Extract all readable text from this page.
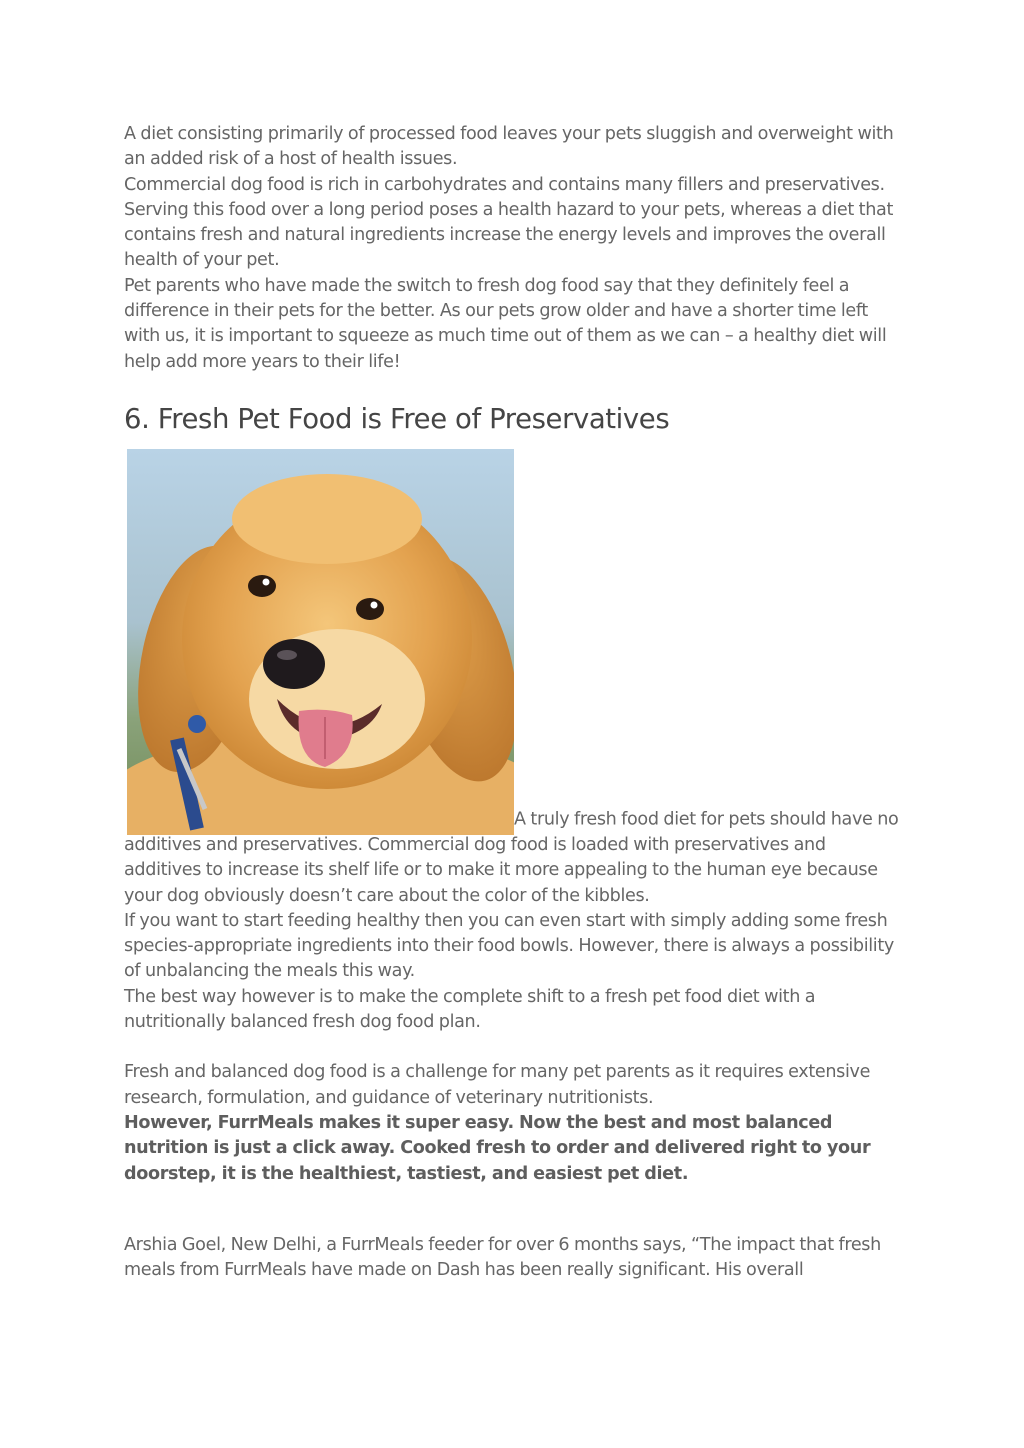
A diet consisting primarily of processed food leaves your pets sluggish and overweight with an added risk of a host of health issues.

Commercial dog food is rich in carbohydrates and contains many fillers and preservatives. Serving this food over a long period poses a health hazard to your pets, whereas a diet that contains fresh and natural ingredients increase the energy levels and improves the overall health of your pet.

Pet parents who have made the switch to fresh dog food say that they definitely feel a difference in their pets for the better. As our pets grow older and have a shorter time left with us, it is important to squeeze as much time out of them as we can – a healthy diet will help add more years to their life!

6. Fresh Pet Food is Free of Preservatives

A truly fresh food diet for pets should have no additives and preservatives. Commercial dog food is loaded with preservatives and additives to increase its shelf life or to make it more appealing to the human eye because your dog obviously doesn’t care about the color of the kibbles.

If you want to start feeding healthy then you can even start with simply adding some fresh species-appropriate ingredients into their food bowls. However, there is always a possibility of unbalancing the meals this way.

The best way however is to make the complete shift to a fresh pet food diet with a nutritionally balanced fresh dog food plan.

Fresh and balanced dog food is a challenge for many pet parents as it requires extensive research, formulation, and guidance of veterinary nutritionists.

However, FurrMeals makes it super easy. Now the best and most balanced nutrition is just a click away. Cooked fresh to order and delivered right to your doorstep, it is the healthiest, tastiest, and easiest pet diet.

Arshia Goel, New Delhi, a FurrMeals feeder for over 6 months says, “The impact that fresh meals from FurrMeals have made on Dash has been really significant. His overall
